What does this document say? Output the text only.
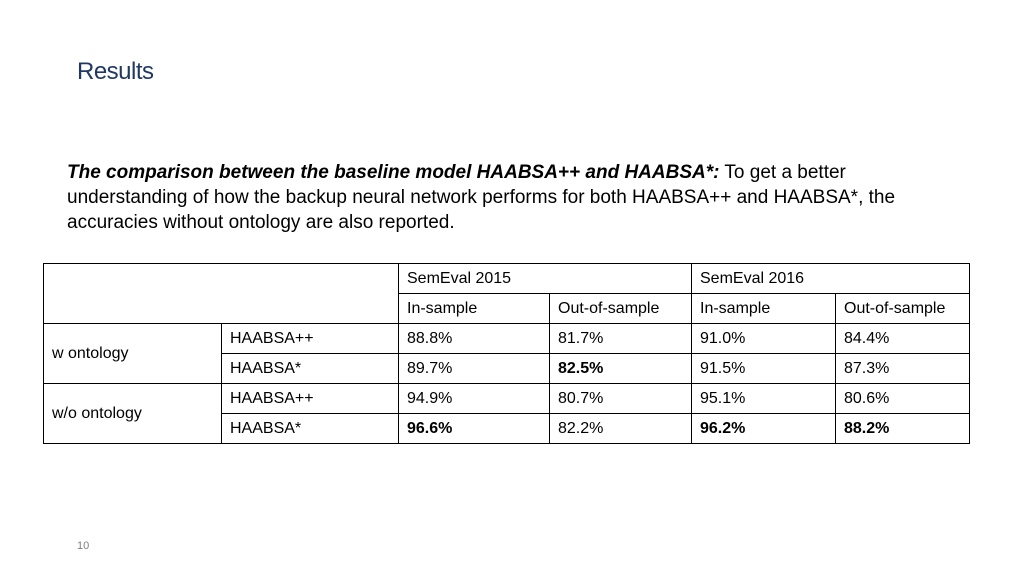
Results
The comparison between the baseline model HAABSA++ and HAABSA*: To get a better understanding of how the backup neural network performs for both HAABSA++ and HAABSA*, the accuracies without ontology are also reported.
		SemEval 2015		SemEval 2016	
		In-sample	Out-of-sample	In-sample	Out-of-sample
w ontology	HAABSA++	88.8%	81.7%	91.0%	84.4%
	HAABSA*	89.7%	82.5%	91.5%	87.3%
w/o ontology	HAABSA++	94.9%	80.7%	95.1%	80.6%
	HAABSA*	96.6%	82.2%	96.2%	88.2%
10
